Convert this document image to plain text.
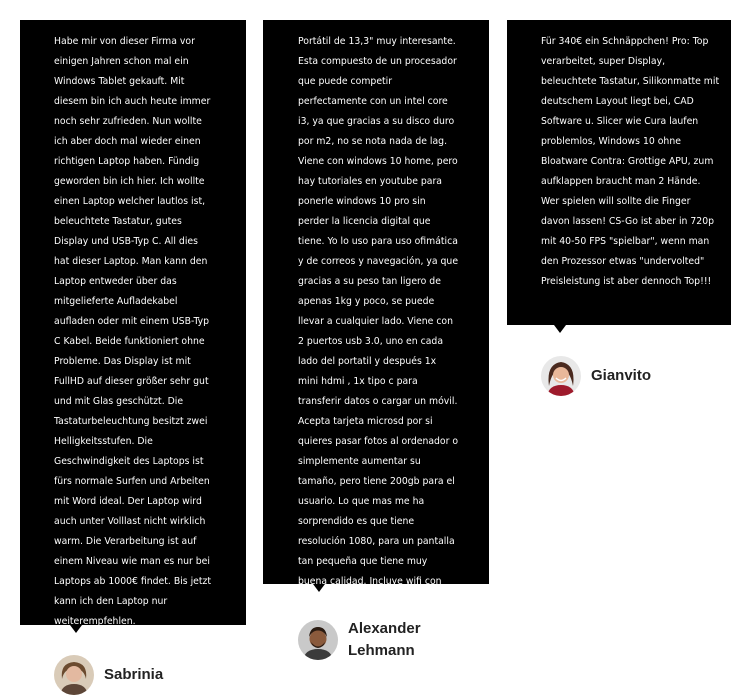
Habe mir von dieser Firma vor einigen Jahren schon mal ein Windows Tablet gekauft. Mit diesem bin ich auch heute immer noch sehr zufrieden. Nun wollte ich aber doch mal wieder einen richtigen Laptop haben. Fündig geworden bin ich hier. Ich wollte einen Laptop welcher lautlos ist, beleuchtete Tastatur, gutes Display und USB-Typ C. All dies hat dieser Laptop. Man kann den Laptop entweder über das mitgelieferte Aufladekabel aufladen oder mit einem USB-Typ C Kabel. Beide funktioniert ohne Probleme. Das Display ist mit FullHD auf dieser größer sehr gut und mit Glas geschützt. Die Tastaturbeleuchtung besitzt zwei Helligkeitsstufen. Die Geschwindigkeit des Laptops ist fürs normale Surfen und Arbeiten mit Word ideal. Der Laptop wird auch unter Volllast nicht wirklich warm. Die Verarbeitung ist auf einem Niveau wie man es nur bei Laptops ab 1000€ findet. Bis jetzt kann ich den Laptop nur weiterempfehlen.

Sabrinia

Portátil de 13,3" muy interesante. Esta compuesto de un procesador que puede competir perfectamente con un intel core i3, ya que gracias a su disco duro por m2, no se nota nada de lag. Viene con windows 10 home, pero hay tutoriales en youtube para ponerle windows 10 pro sin perder la licencia digital que tiene. Yo lo uso para uso ofimática y de correos y navegación, ya que gracias a su peso tan ligero de apenas 1kg y poco, se puede llevar a cualquier lado. Viene con 2 puertos usb 3.0, uno en cada lado del portatil y después 1x mini hdmi , 1x tipo c para transferir datos o cargar un móvil. Acepta tarjeta microsd por si quieres pasar fotos al ordenador o simplemente aumentar su tamaño, pero tiene 200gb para el usuario. Lo que mas me ha sorprendido es que tiene resolución 1080, para un pantalla tan pequeña que tiene muy buena calidad. Incluye wifi con ambas bandas y bluetooth.

Alexander Lehmann

Für 340€ ein Schnäppchen! Pro: Top verarbeitet, super Display, beleuchtete Tastatur, Silikonmatte mit deutschem Layout liegt bei, CAD Software u. Slicer wie Cura laufen problemlos, Windows 10 ohne Bloatware Contra: Grottige APU, zum aufklappen braucht man 2 Hände. Wer spielen will sollte die Finger davon lassen! CS-Go ist aber in 720p mit 40-50 FPS "spielbar", wenn man den Prozessor etwas "undervolted" Preisleistung ist aber dennoch Top!!!

Gianvito
